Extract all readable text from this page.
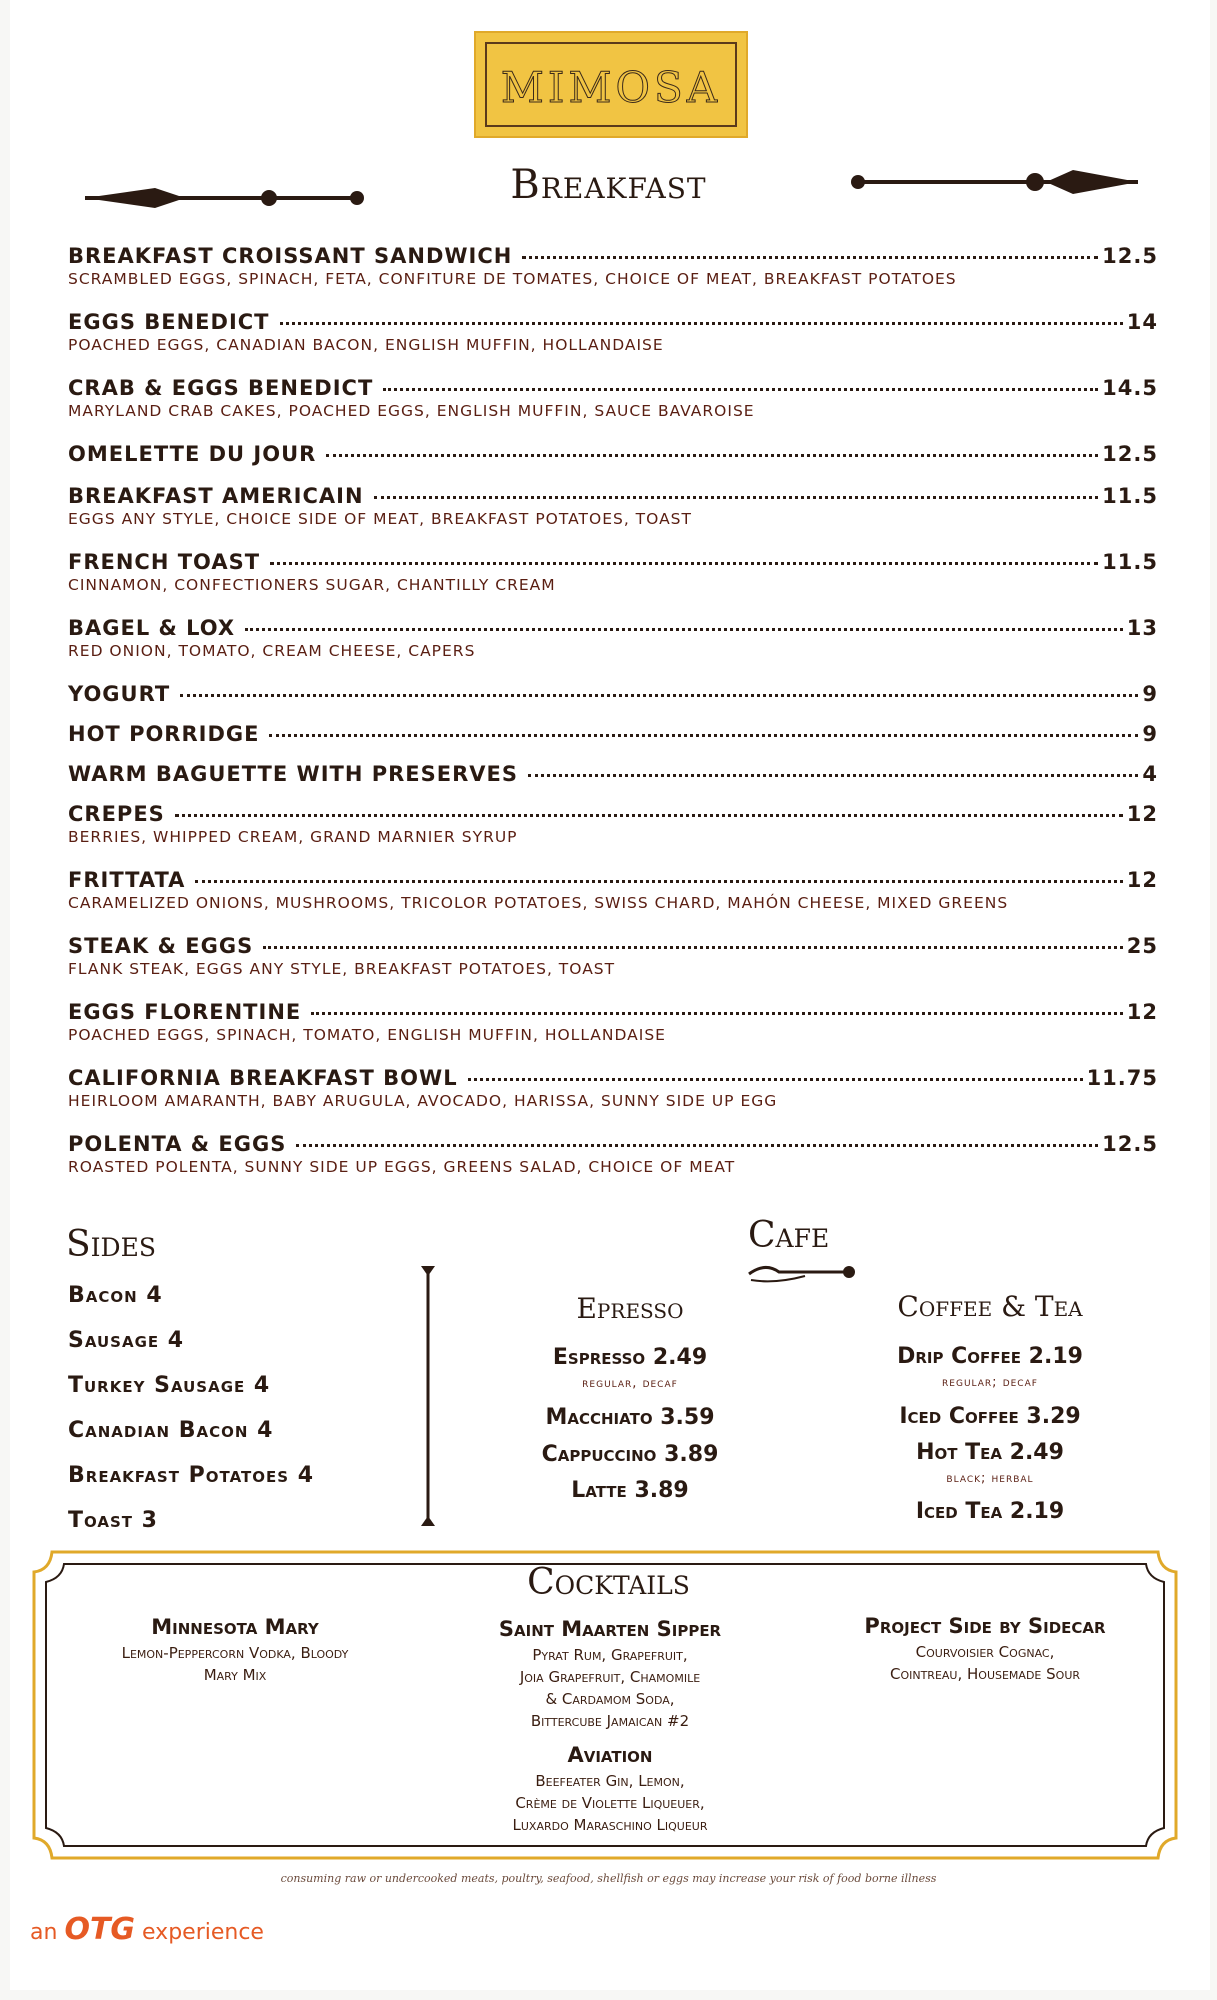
MIMOSA
Breakfast
BREAKFAST CROISSANT SANDWICH	12.5
SCRAMBLED EGGS, SPINACH, FETA, CONFITURE DE TOMATES, CHOICE OF MEAT, BREAKFAST POTATOES
EGGS BENEDICT	14
POACHED EGGS, CANADIAN BACON, ENGLISH MUFFIN, HOLLANDAISE
CRAB & EGGS BENEDICT	14.5
MARYLAND CRAB CAKES, POACHED EGGS, ENGLISH MUFFIN, SAUCE BAVAROISE
OMELETTE DU JOUR	12.5
BREAKFAST AMERICAIN	11.5
EGGS ANY STYLE, CHOICE SIDE OF MEAT, BREAKFAST POTATOES, TOAST
FRENCH TOAST	11.5
CINNAMON, CONFECTIONERS SUGAR, CHANTILLY CREAM
BAGEL & LOX	13
RED ONION, TOMATO, CREAM CHEESE, CAPERS
YOGURT	9
HOT PORRIDGE	9
WARM BAGUETTE WITH PRESERVES	4
CREPES	12
BERRIES, WHIPPED CREAM, GRAND MARNIER SYRUP
FRITTATA	12
CARAMELIZED ONIONS, MUSHROOMS, TRICOLOR POTATOES, SWISS CHARD, MAHÓN CHEESE, MIXED GREENS
STEAK & EGGS	25
FLANK STEAK, EGGS ANY STYLE, BREAKFAST POTATOES, TOAST
EGGS FLORENTINE	12
POACHED EGGS, SPINACH, TOMATO, ENGLISH MUFFIN, HOLLANDAISE
CALIFORNIA BREAKFAST BOWL	11.75
HEIRLOOM AMARANTH, BABY ARUGULA, AVOCADO, HARISSA, SUNNY SIDE UP EGG
POLENTA & EGGS	12.5
ROASTED POLENTA, SUNNY SIDE UP EGGS, GREENS SALAD, CHOICE OF MEAT
Sides
Bacon 4
Sausage 4
Turkey Sausage 4
Canadian Bacon 4
Breakfast Potatoes 4
Toast 3
Cafe
Epresso
Espresso 2.49
regular, decaf
Macchiato 3.59
Cappuccino 3.89
Latte 3.89
Coffee & Tea
Drip Coffee 2.19
regular; decaf
Iced Coffee 3.29
Hot Tea 2.49
black; herbal
Iced Tea 2.19
Cocktails
Minnesota Mary
Lemon-Peppercorn Vodka, Bloody
Mary Mix
Saint Maarten Sipper
Pyrat Rum, Grapefruit,
Joia Grapefruit, Chamomile
& Cardamom Soda,
Bittercube Jamaican #2
Project Side by Sidecar
Courvoisier Cognac,
Cointreau, Housemade Sour
Aviation
Beefeater Gin, Lemon,
Crème de Violette Liqueuer,
Luxardo Maraschino Liqueur
consuming raw or undercooked meats, poultry, seafood, shellfish or eggs may increase your risk of food borne illness
an OTG experience
